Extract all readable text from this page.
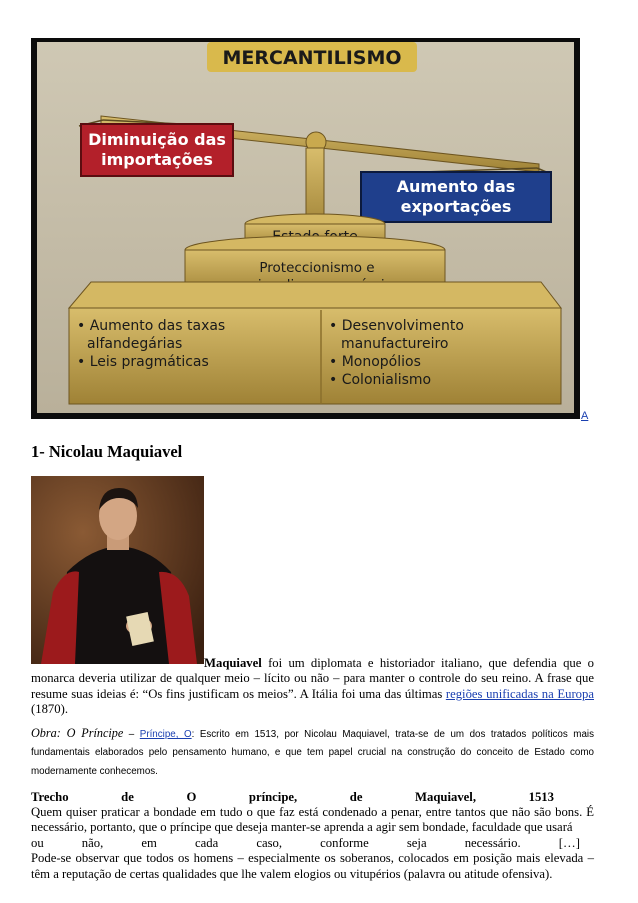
MERCANTILISMO
Diminuição das
importações
Aumento das
exportações
Proteccionismo e
• Aumento das taxas
alfandegárias
• Leis pragmáticas
• Desenvolvimento
manufactureiro
• Monopólios
• Colonialismo
A
1- Nicolau Maquiavel

Maquiavel foi um diplomata e historiador italiano, que defendia que o monarca deveria utilizar de qualquer meio – lícito ou não – para manter o controle do seu reino. A frase que resume suas ideias é: “Os fins justificam os meios”. A Itália foi uma das últimas regiões unificadas na Europa (1870).

Obra: O Príncipe – Príncipe, O: Escrito em 1513, por Nicolau Maquiavel, trata-se de um dos tratados políticos mais fundamentais elaborados pelo pensamento humano, e que tem papel crucial na construção do conceito de Estado como modernamente conhecemos.

Trecho	de	O	príncipe,	de	Maquiavel,	1513
Quem quiser praticar a bondade em tudo o que faz está condenado a penar, entre tantos que não são bons. É necessário, portanto, que o príncipe que deseja manter-se aprenda a agir sem bondade, faculdade que usará
ou	não,	em	cada	caso,	conforme	seja	necessário.	[…]
Pode-se observar que todos os homens – especialmente os soberanos, colocados em posição mais elevada – têm a reputação de certas qualidades que lhe valem elogios ou vitupérios (palavra ou atitude ofensiva).
